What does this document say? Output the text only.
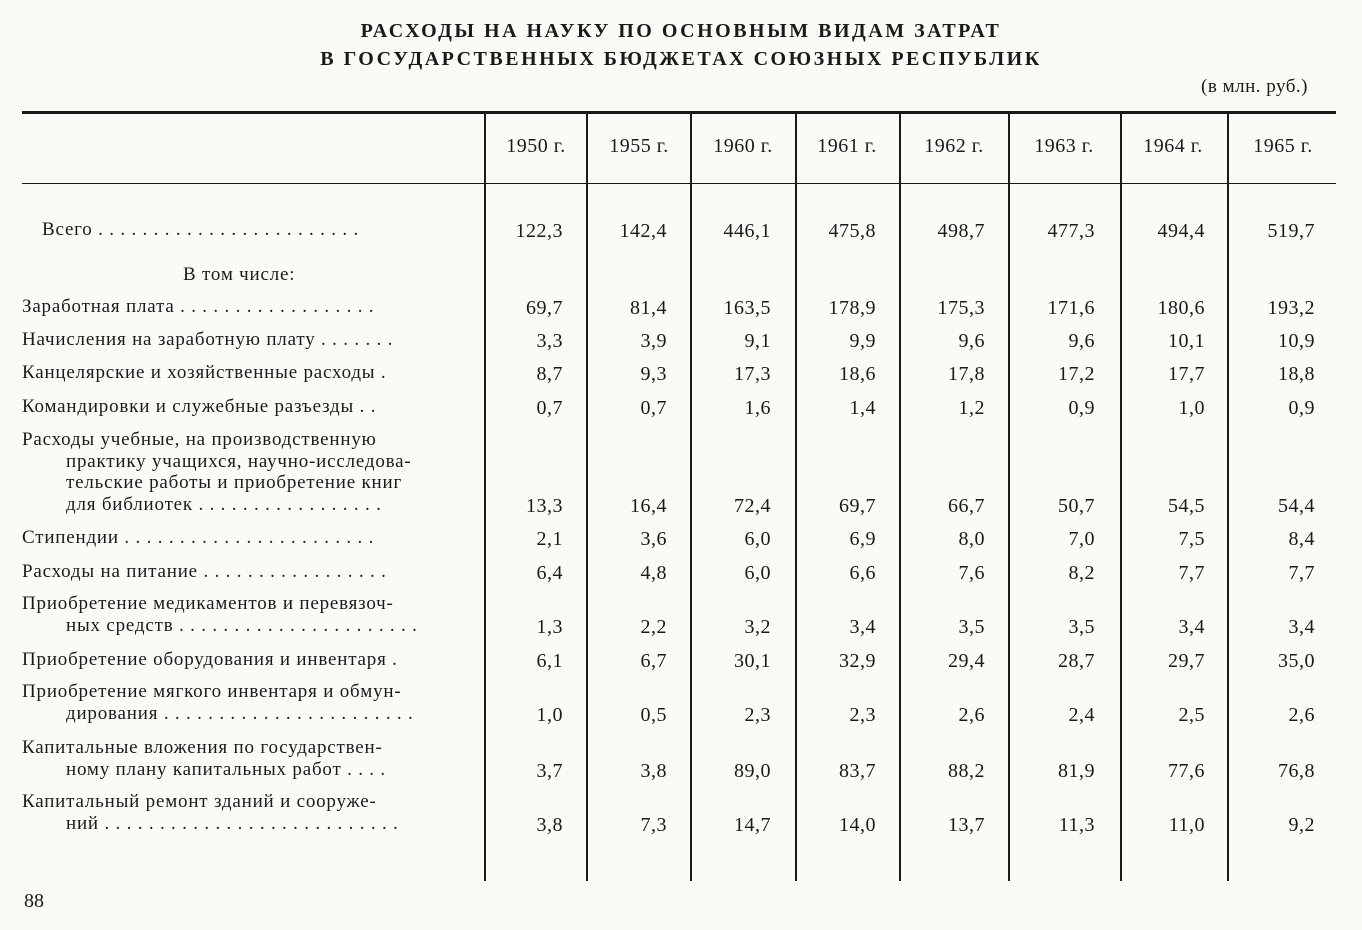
РАСХОДЫ НА НАУКУ ПО ОСНОВНЫМ ВИДАМ ЗАТРАТ
В ГОСУДАРСТВЕННЫХ БЮДЖЕТАХ СОЮЗНЫХ РЕСПУБЛИК
(в млн. руб.)
1950 г.	1955 г.	1960 г.	1961 г.	1962 г.	1963 г.	1964 г.	1965 г.
Всего . . . . . . . . . . . . . . . . . . . . . . . .	122,3	142,4	446,1	475,8	498,7	477,3	494,4	519,7
Заработная плата . . . . . . . . . . . . . . . . . .	69,7	81,4	163,5	178,9	175,3	171,6	180,6	193,2
Начисления на заработную плату . . . . . . .	3,3	3,9	9,1	9,9	9,6	9,6	10,1	10,9
Канцелярские и хозяйственные расходы .	8,7	9,3	17,3	18,6	17,8	17,2	17,7	18,8
Командировки и служебные разъезды . .	0,7	0,7	1,6	1,4	1,2	0,9	1,0	0,9
Расходы учебные, на производственную
практику учащихся, научно-исследова-
тельские работы и приобретение книг
для библиотек . . . . . . . . . . . . . . . . .	13,3	16,4	72,4	69,7	66,7	50,7	54,5	54,4
Стипендии . . . . . . . . . . . . . . . . . . . . . . .	2,1	3,6	6,0	6,9	8,0	7,0	7,5	8,4
Расходы на питание . . . . . . . . . . . . . . . . .	6,4	4,8	6,0	6,6	7,6	8,2	7,7	7,7
Приобретение медикаментов и перевязоч-
ных средств . . . . . . . . . . . . . . . . . . . . . .	1,3	2,2	3,2	3,4	3,5	3,5	3,4	3,4
Приобретение оборудования и инвентаря .	6,1	6,7	30,1	32,9	29,4	28,7	29,7	35,0
Приобретение мягкого инвентаря и обмун-
дирования . . . . . . . . . . . . . . . . . . . . . . .	1,0	0,5	2,3	2,3	2,6	2,4	2,5	2,6
Капитальные вложения по государствен-
ному плану капитальных работ . . . .	3,7	3,8	89,0	83,7	88,2	81,9	77,6	76,8
Капитальный ремонт зданий и сооруже-
ний . . . . . . . . . . . . . . . . . . . . . . . . . . .	3,8	7,3	14,7	14,0	13,7	11,3	11,0	9,2
В том числе:
88
